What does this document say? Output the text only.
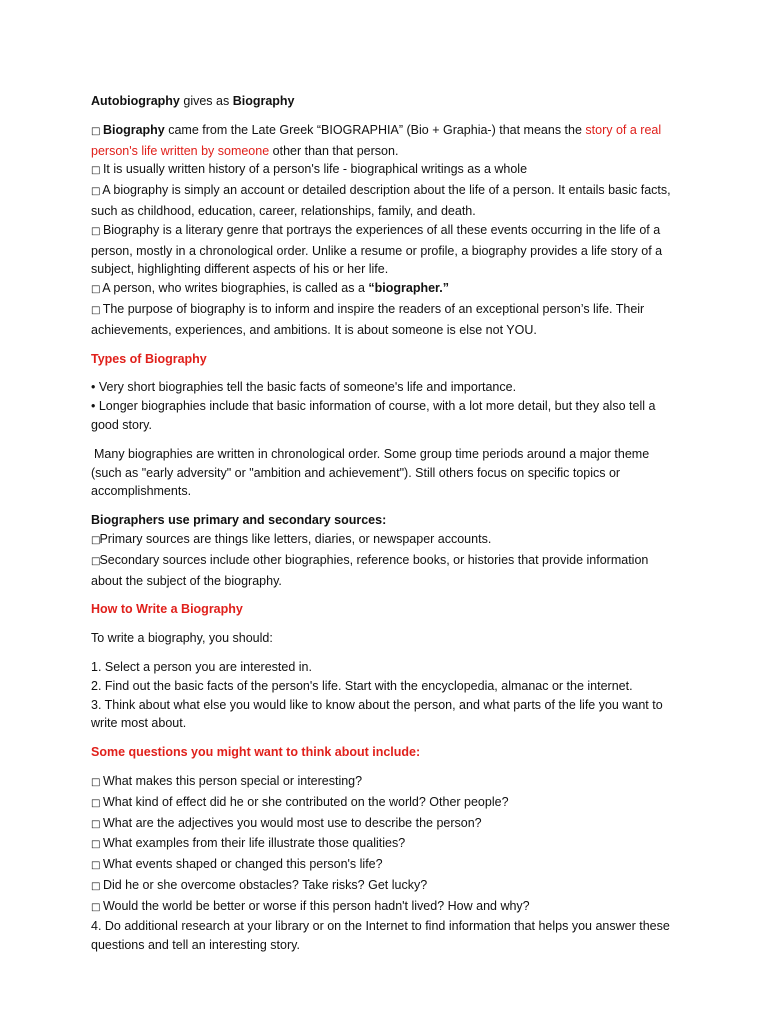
Autobiography gives as Biography

□ Biography came from the Late Greek “BIOGRAPHIA” (Bio + Graphia-) that means the story of a real person's life written by someone other than that person.

□ It is usually written history of a person's life - biographical writings as a whole

□ A biography is simply an account or detailed description about the life of a person. It entails basic facts, such as childhood, education, career, relationships, family, and death.

□ Biography is a literary genre that portrays the experiences of all these events occurring in the life of a person, mostly in a chronological order. Unlike a resume or profile, a biography provides a life story of a subject, highlighting different aspects of his or her life.

□ A person, who writes biographies, is called as a “biographer.”

□ The purpose of biography is to inform and inspire the readers of an exceptional person’s life. Their achievements, experiences, and ambitions. It is about someone is else not YOU.

Types of Biography

• Very short biographies tell the basic facts of someone's life and importance.

• Longer biographies include that basic information of course, with a lot more detail, but they also tell a good story.

Many biographies are written in chronological order. Some group time periods around a major theme (such as "early adversity" or "ambition and achievement"). Still others focus on specific topics or accomplishments.

Biographers use primary and secondary sources:

□Primary sources are things like letters, diaries, or newspaper accounts.

□Secondary sources include other biographies, reference books, or histories that provide information about the subject of the biography.

How to Write a Biography

To write a biography, you should:

1. Select a person you are interested in.

2. Find out the basic facts of the person's life. Start with the encyclopedia, almanac or the internet.

3. Think about what else you would like to know about the person, and what parts of the life you want to write most about.

Some questions you might want to think about include:

□ What makes this person special or interesting?

□ What kind of effect did he or she contributed on the world? Other people?

□ What are the adjectives you would most use to describe the person?

□ What examples from their life illustrate those qualities?

□ What events shaped or changed this person's life?

□ Did he or she overcome obstacles? Take risks? Get lucky?

□ Would the world be better or worse if this person hadn't lived? How and why?

4. Do additional research at your library or on the Internet to find information that helps you answer these questions and tell an interesting story.
